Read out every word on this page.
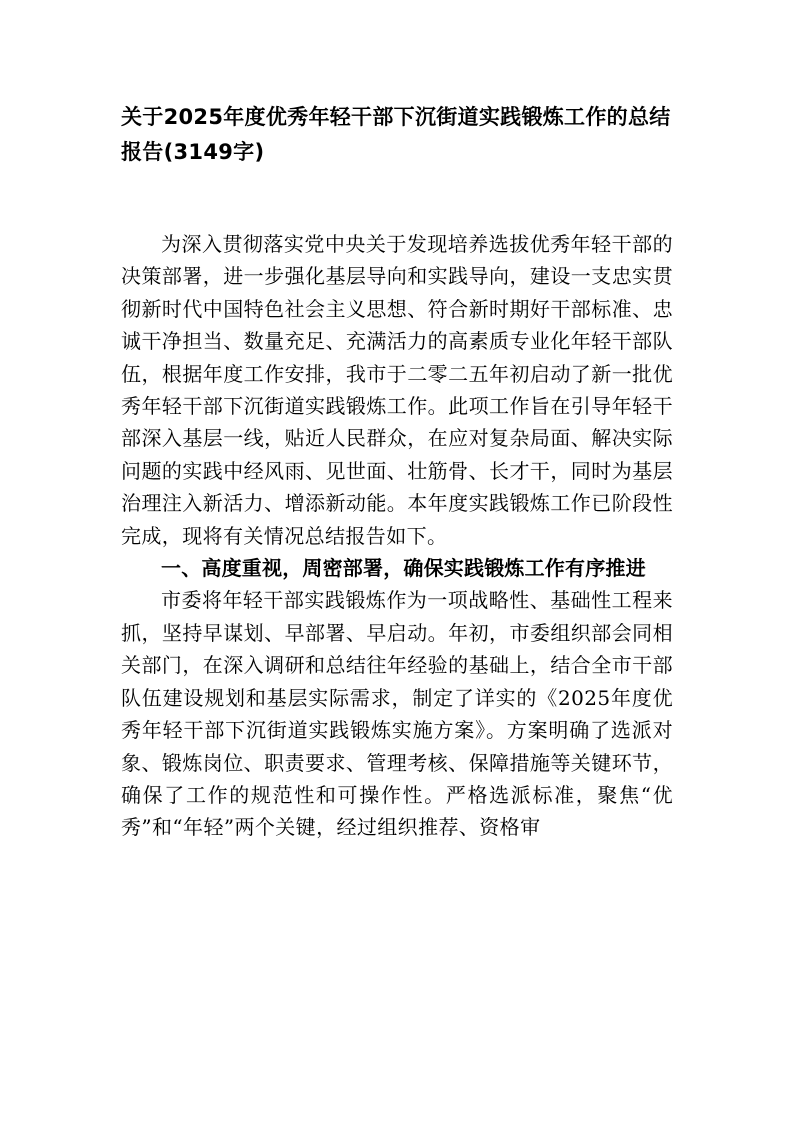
关于2025年度优秀年轻干部下沉街道实践锻炼工作的总结报告(3149字)

为深入贯彻落实党中央关于发现培养选拔优秀年轻干部的决策部署，进一步强化基层导向和实践导向，建设一支忠实贯彻新时代中国特色社会主义思想、符合新时期好干部标准、忠诚干净担当、数量充足、充满活力的高素质专业化年轻干部队伍，根据年度工作安排，我市于二零二五年初启动了新一批优秀年轻干部下沉街道实践锻炼工作。此项工作旨在引导年轻干部深入基层一线，贴近人民群众，在应对复杂局面、解决实际问题的实践中经风雨、见世面、壮筋骨、长才干，同时为基层治理注入新活力、增添新动能。本年度实践锻炼工作已阶段性完成，现将有关情况总结报告如下。

一、高度重视，周密部署，确保实践锻炼工作有序推进

市委将年轻干部实践锻炼作为一项战略性、基础性工程来抓，坚持早谋划、早部署、早启动。年初，市委组织部会同相关部门，在深入调研和总结往年经验的基础上，结合全市干部队伍建设规划和基层实际需求，制定了详实的《2025年度优秀年轻干部下沉街道实践锻炼实施方案》。方案明确了选派对象、锻炼岗位、职责要求、管理考核、保障措施等关键环节，确保了工作的规范性和可操作性。严格选派标准，聚焦“优秀”和“年轻”两个关键，经过组织推荐、资格审
